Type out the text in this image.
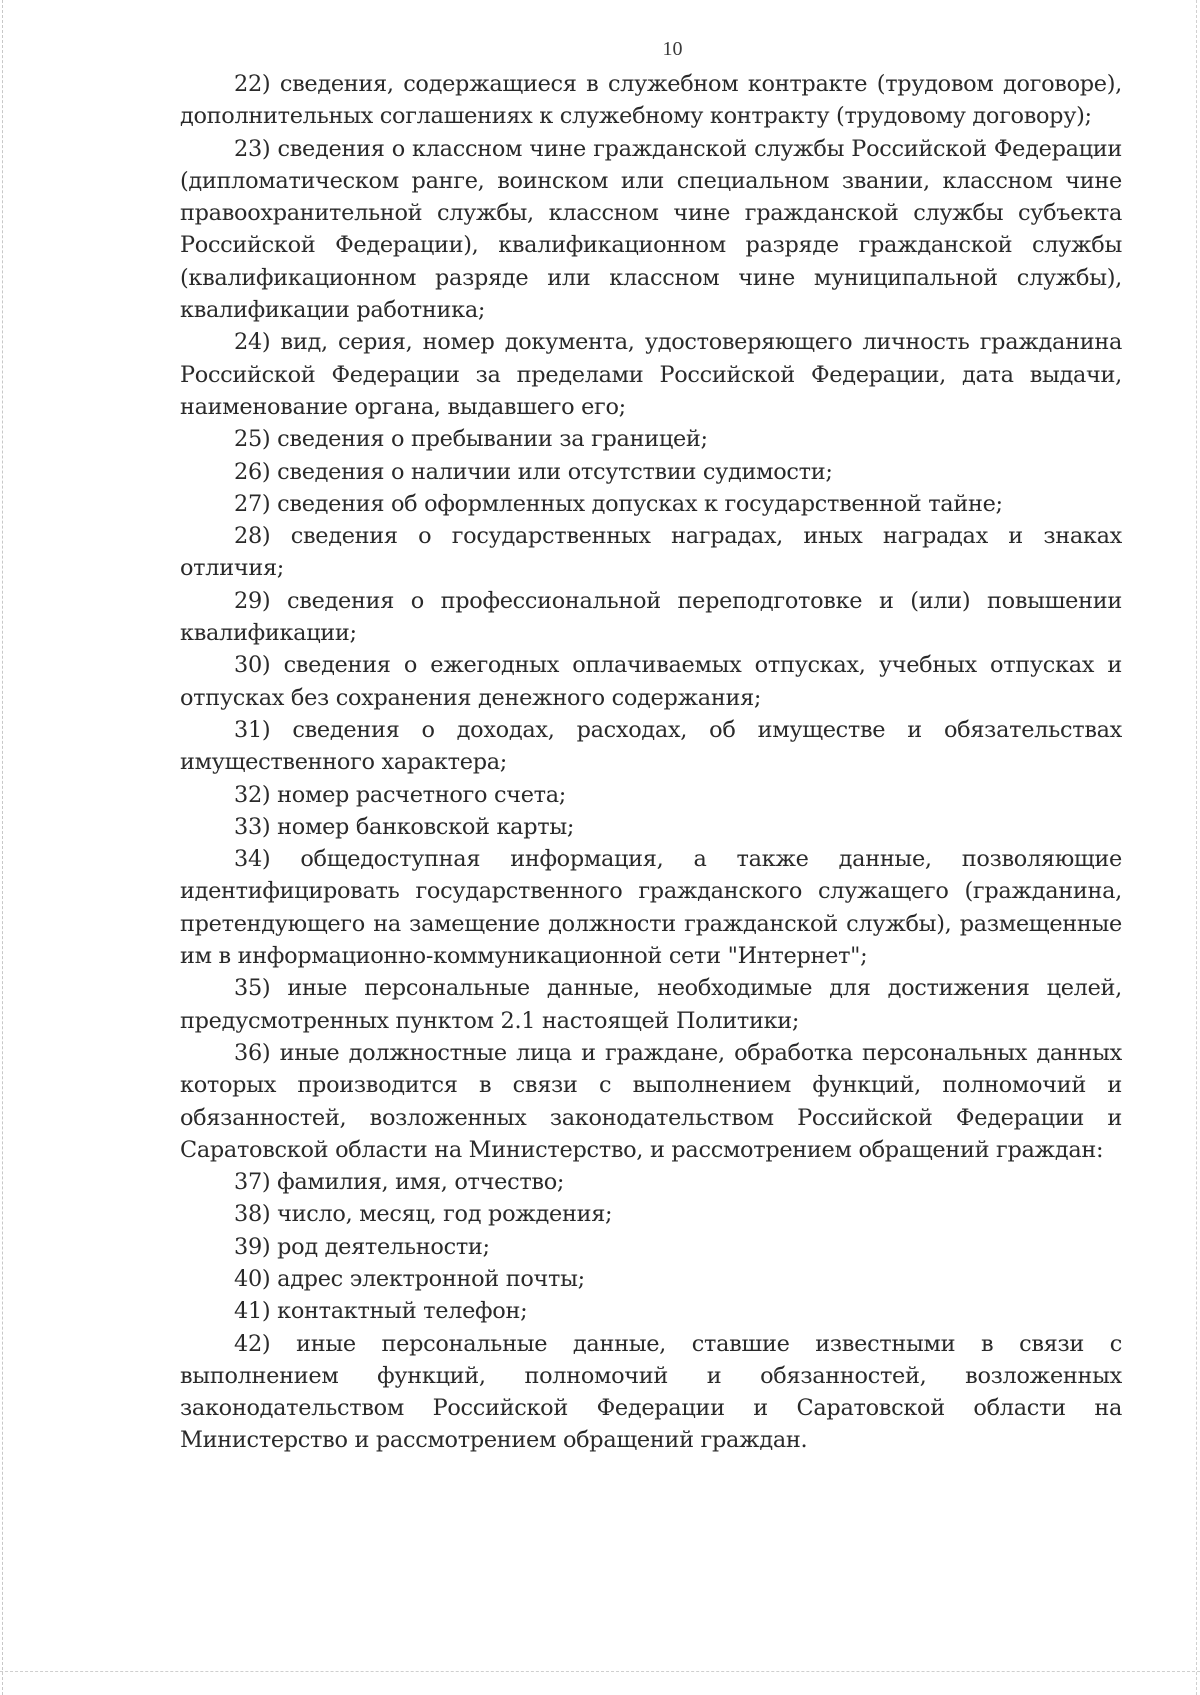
10

22) сведения, содержащиеся в служебном контракте (трудовом договоре), дополнительных соглашениях к служебному контракту (трудовому договору);

23) сведения о классном чине гражданской службы Российской Федерации (дипломатическом ранге, воинском или специальном звании, классном чине правоохранительной службы, классном чине гражданской службы субъекта Российской Федерации), квалификационном разряде гражданской службы (квалификационном разряде или классном чине муниципальной службы), квалификации работника;

24) вид, серия, номер документа, удостоверяющего личность гражданина Российской Федерации за пределами Российской Федерации, дата выдачи, наименование органа, выдавшего его;

25) сведения о пребывании за границей;

26) сведения о наличии или отсутствии судимости;

27) сведения об оформленных допусках к государственной тайне;

28) сведения о государственных наградах, иных наградах и знаках отличия;

29) сведения о профессиональной переподготовке и (или) повышении квалификации;

30) сведения о ежегодных оплачиваемых отпусках, учебных отпусках и отпусках без сохранения денежного содержания;

31) сведения о доходах, расходах, об имуществе и обязательствах имущественного характера;

32) номер расчетного счета;

33) номер банковской карты;

34) общедоступная информация, а также данные, позволяющие идентифицировать государственного гражданского служащего (гражданина, претендующего на замещение должности гражданской службы), размещенные им в информационно-коммуникационной сети "Интернет";

35) иные персональные данные, необходимые для достижения целей, предусмотренных пунктом 2.1 настоящей Политики;

36) иные должностные лица и граждане, обработка персональных данных которых производится в связи с выполнением функций, полномочий и обязанностей, возложенных законодательством Российской Федерации и Саратовской области на Министерство, и рассмотрением обращений граждан:

37) фамилия, имя, отчество;

38) число, месяц, год рождения;

39) род деятельности;

40) адрес электронной почты;

41) контактный телефон;

42) иные персональные данные, ставшие известными в связи с выполнением функций, полномочий и обязанностей, возложенных законодательством Российской Федерации и Саратовской области на Министерство и рассмотрением обращений граждан.
